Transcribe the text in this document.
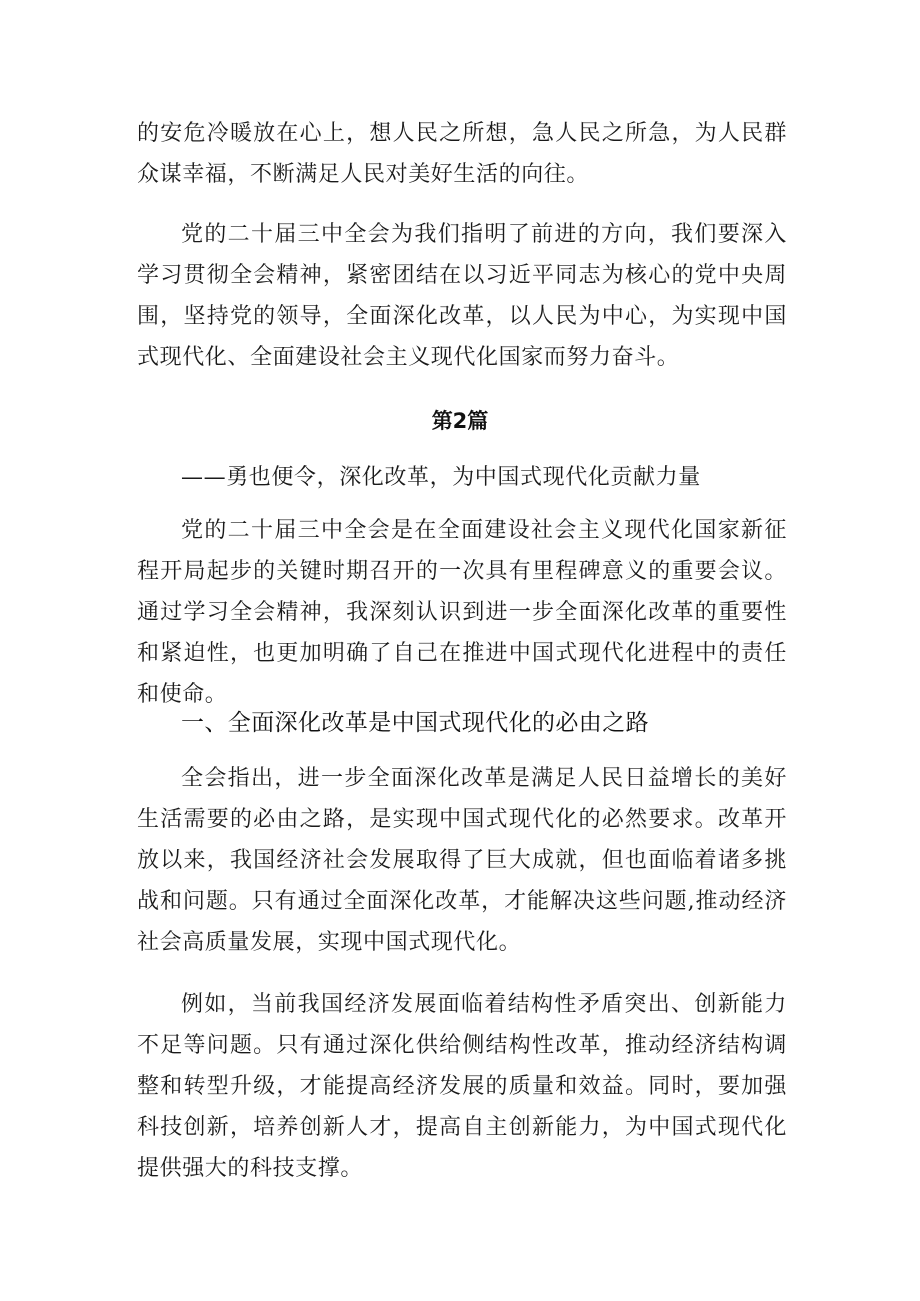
的安危冷暖放在心上，想人民之所想，急人民之所急，为人民群众谋幸福，不断满足人民对美好生活的向往。

党的二十届三中全会为我们指明了前进的方向，我们要深入学习贯彻全会精神，紧密团结在以习近平同志为核心的党中央周围，坚持党的领导，全面深化改革，以人民为中心，为实现中国式现代化、全面建设社会主义现代化国家而努力奋斗。

第2篇

——勇也便令，深化改革，为中国式现代化贡献力量

党的二十届三中全会是在全面建设社会主义现代化国家新征程开局起步的关键时期召开的一次具有里程碑意义的重要会议。通过学习全会精神，我深刻认识到进一步全面深化改革的重要性和紧迫性，也更加明确了自己在推进中国式现代化进程中的责任和使命。

一、全面深化改革是中国式现代化的必由之路

全会指出，进一步全面深化改革是满足人民日益增长的美好生活需要的必由之路，是实现中国式现代化的必然要求。改革开放以来，我国经济社会发展取得了巨大成就，但也面临着诸多挑战和问题。只有通过全面深化改革，才能解决这些问题,推动经济社会高质量发展，实现中国式现代化。

例如，当前我国经济发展面临着结构性矛盾突出、创新能力不足等问题。只有通过深化供给侧结构性改革，推动经济结构调整和转型升级，才能提高经济发展的质量和效益。同时，要加强科技创新，培养创新人才，提高自主创新能力，为中国式现代化提供强大的科技支撑。
